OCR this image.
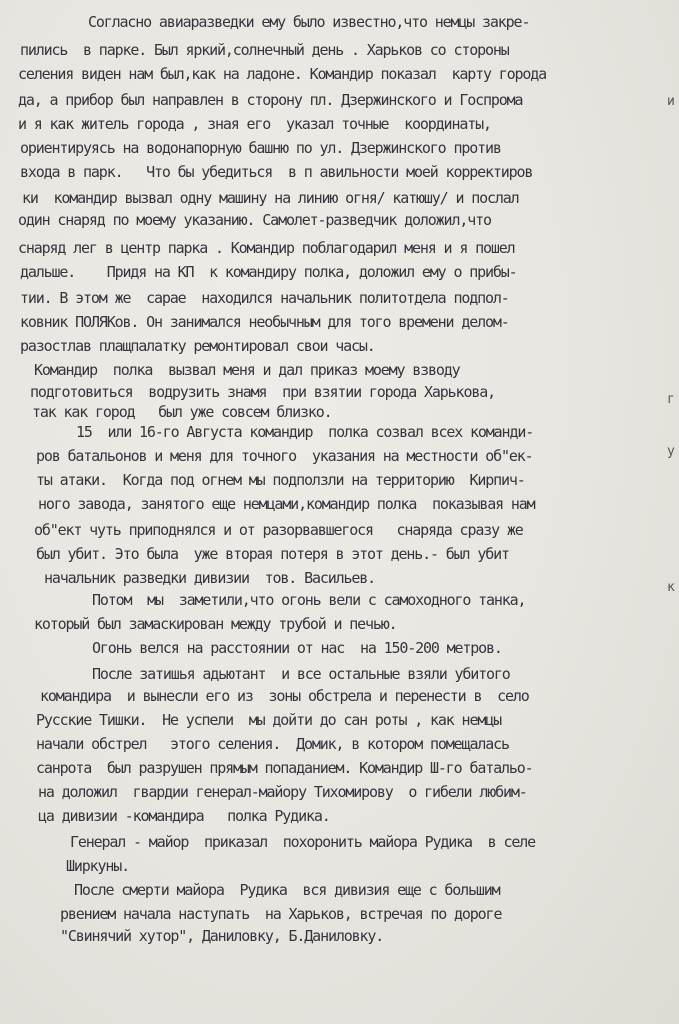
Согласно авиаразведки ему было известно,что немцы закре-
пились  в парке. Был яркий,солнечный день . Харьков со стороны
селения виден нам был,как на ладоне. Командир показал  карту города
да, а прибор был направлен в сторону пл. Дзержинского и Госпрома
и я как житель города , зная его  указал точные  координаты,
ориентируясь на водонапорную башню по ул. Дзержинского против
входа в парк.   Что бы убедиться  в п авильности моей корректиров
ки  командир вызвал одну машину на линию огня/ катюшу/ и послал
один снаряд по моему указанию. Самолет-разведчик доложил,что
снаряд лег в центр парка . Командир поблагодарил меня и я пошел
дальше.    Придя на КП  к командиру полка, доложил ему о прибы-
тии. В этом же  сарае  находился начальник политотдела подпол-
ковник ПОЛЯКов. Он занимался необычным для того времени делом-
разостлав плащпалатку ремонтировал свои часы.
Командир  полка  вызвал меня и дал приказ моему взводу
подготовиться  водрузить знамя  при взятии города Харькова,
так как город   был уже совсем близко.
15  или 16-го Августа командир  полка созвал всех команди-
ров батальонов и меня для точного  указания на местности об"ек-
ты атаки.  Когда под огнем мы подползли на территорию  Кирпич-
ного завода, занятого еще немцами,командир полка  показывая нам
об"ект чуть приподнялся и от разорвавшегося   снаряда сразу же
был убит. Это была  уже вторая потеря в этот день.- был убит
начальник разведки дивизии  тов. Васильев.
Потом  мы  заметили,что огонь вели с самоходного танка,
который был замаскирован между трубой и печью.
Огонь велся на расстоянии от нас  на 150-200 метров.
После затишья адьютант  и все остальные взяли убитого
командира  и вынесли его из  зоны обстрела и перенести в  село
Русские Тишки.  Не успели  мы дойти до сан роты , как немцы
начали обстрел   этого селения.  Домик, в котором помещалась
санрота  был разрушен прямым попаданием. Командир Ш-го батальо-
на доложил  гвардии генерал-майору Тихомирову  о гибели любим-
ца дивизии -командира   полка Рудика.
Генерал - майор  приказал  похоронить майора Рудика  в селе
Шиpкуны.
После смерти майора  Рудика  вся дивизия еще с большим
рвением начала наступать  на Харьков, встречая по дороге
"Свинячий хутор", Даниловку, Б.Даниловку.
и
г
у
к
